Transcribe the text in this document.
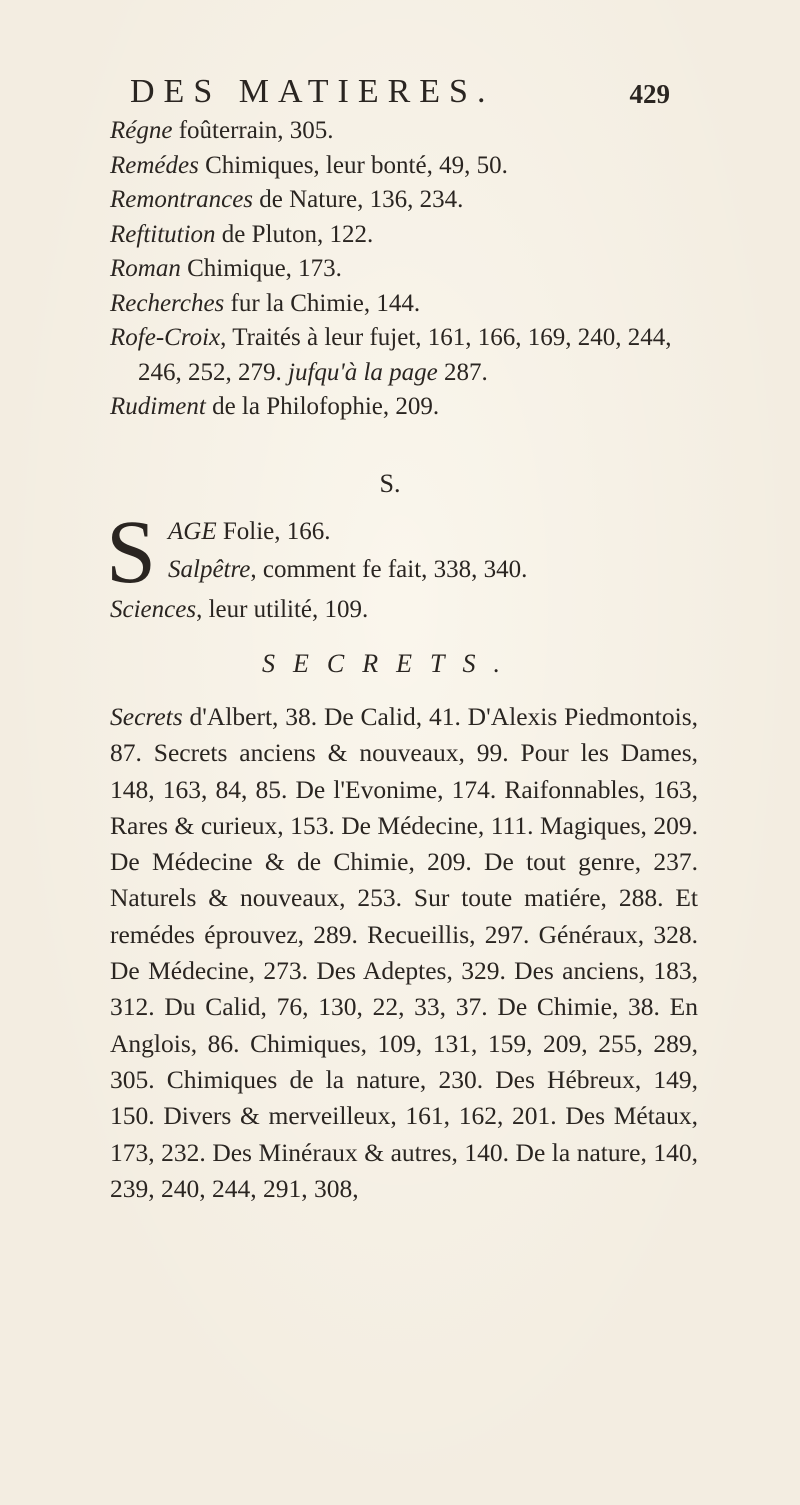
DES MATIERES.	429

Régne foûterrain, 305.

Remédes Chimiques, leur bonté, 49, 50.

Remontrances de Nature, 136, 234.

Reftitution de Pluton, 122.

Roman Chimique, 173.

Recherches fur la Chimie, 144.

Rofe-Croix, Traités à leur fujet, 161, 166, 169, 240, 244, 246, 252, 279. jufqu'à la page 287.

Rudiment de la Philofophie, 209.

S.
S AGE Folie, 166.
Salpêtre, comment fe fait, 338, 340.

Sciences, leur utilité, 109.

SECRETS.

Secrets d'Albert, 38. De Calid, 41. D'Alexis Piedmontois, 87. Secrets anciens & nouveaux, 99. Pour les Dames, 148, 163, 84, 85. De l'Evonime, 174. Raifonnables, 163, Rares & curieux, 153. De Médecine, 111. Magiques, 209. De Médecine & de Chimie, 209. De tout genre, 237. Naturels & nouveaux, 253. Sur toute matiére, 288. Et remédes éprouvez, 289. Recueillis, 297. Généraux, 328. De Médecine, 273. Des Adeptes, 329. Des anciens, 183, 312. Du Calid, 76, 130, 22, 33, 37. De Chimie, 38. En Anglois, 86. Chimiques, 109, 131, 159, 209, 255, 289, 305. Chimiques de la nature, 230. Des Hébreux, 149, 150. Divers & merveilleux, 161, 162, 201. Des Métaux, 173, 232. Des Minéraux & autres, 140. De la nature, 140, 239, 240, 244, 291, 308,
